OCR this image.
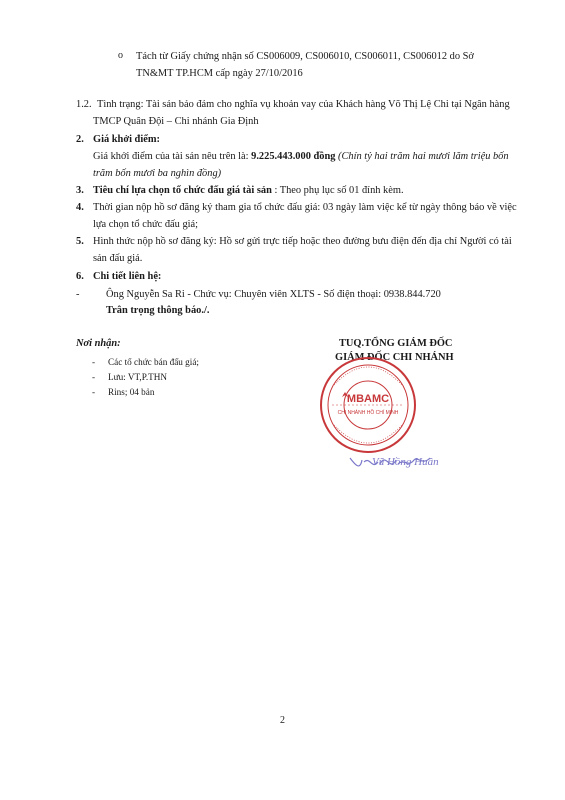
o Tách từ Giấy chứng nhận số CS006009, CS006010, CS006011, CS006012 do Sở
TN&MT TP.HCM cấp ngày 27/10/2016
1.2. Tình trạng: Tài sản bảo đảm cho nghĩa vụ khoản vay của Khách hàng Võ Thị Lệ Chi tại Ngân hàng
TMCP Quân Đội – Chi nhánh Gia Định
2. Giá khởi điểm:
Giá khởi điểm của tài sản nêu trên là: 9.225.443.000 đồng (Chín tỷ hai trăm hai mươi lăm triệu bốn
trăm bốn mươi ba nghìn đồng)
3. Tiêu chí lựa chọn tổ chức đấu giá tài sản : Theo phụ lục số 01 đính kèm.
4. Thời gian nộp hồ sơ đăng ký tham gia tổ chức đấu giá: 03 ngày làm việc kể từ ngày thông báo về việc
lựa chọn tổ chức đấu giá;
5. Hình thức nộp hồ sơ đăng ký: Hồ sơ gửi trực tiếp hoặc theo đường bưu điện đến địa chỉ Người có tài
sản đấu giá.
6. Chi tiết liên hệ:
-	Ông Nguyễn Sa Ri - Chức vụ: Chuyên viên XLTS - Số điện thoại: 0938.844.720
Trân trọng thông báo./.
Nơi nhận:
- Các tổ chức bán đấu giá;
- Lưu: VT,P.THN
- Rins; 04 bản
TUQ.TỔNG GIÁM ĐỐC
GIÁM ĐỐC CHI NHÁNH
MBAMC
CHI NHÁNH HỒ CHÍ MINH
Vũ Hồng Huân
2
